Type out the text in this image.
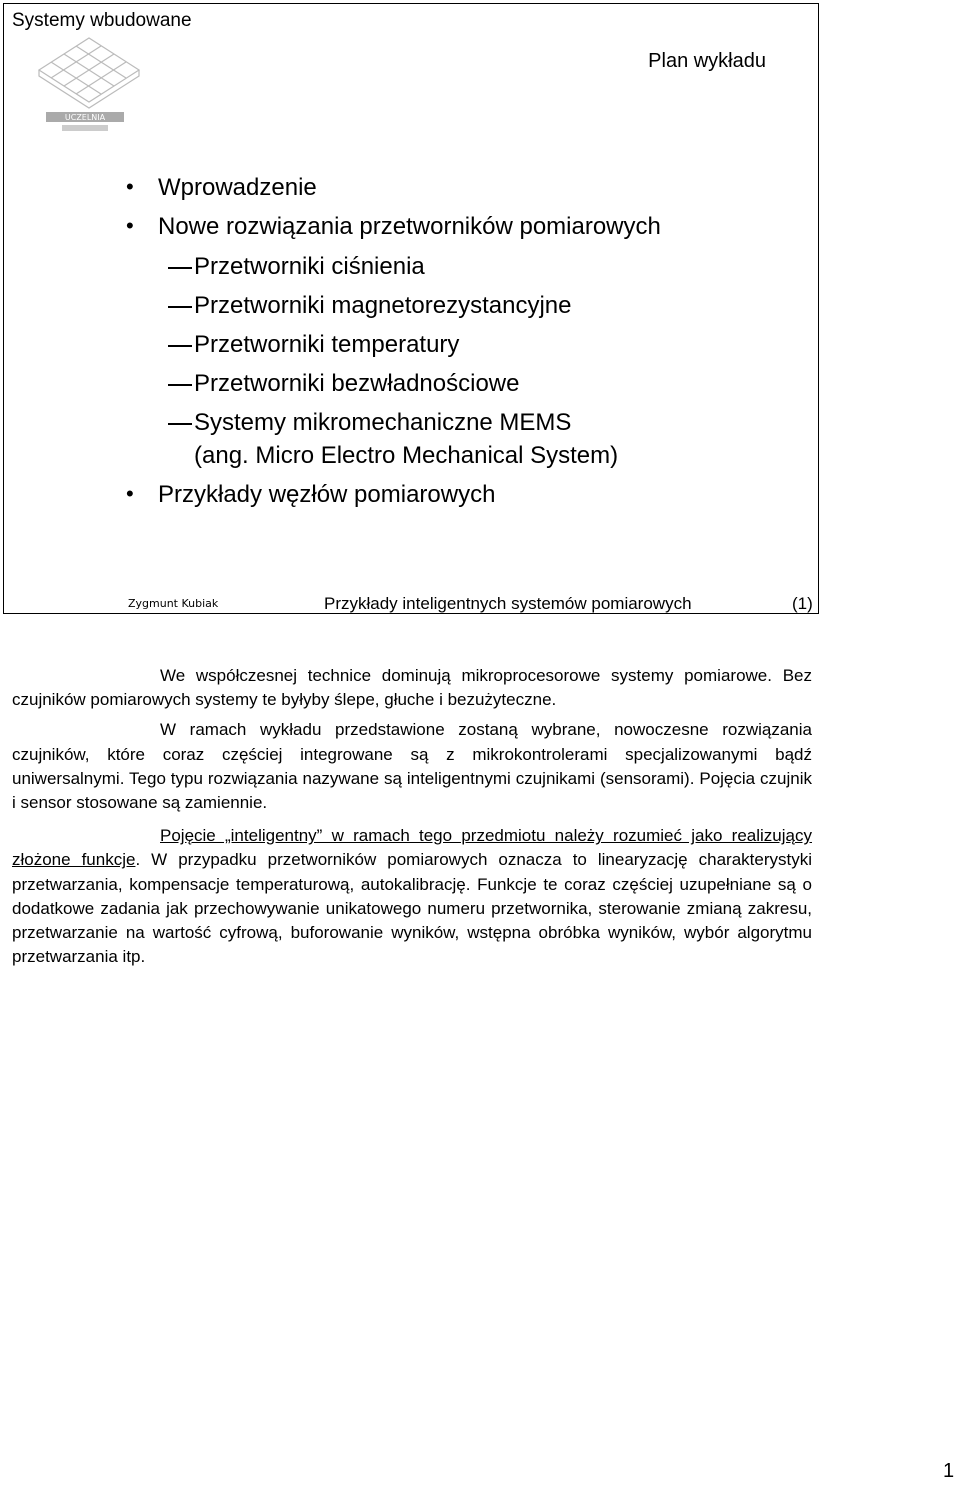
Systemy wbudowane
UCZELNIA
Plan wykładu
• Wprowadzenie
• Nowe rozwiązania przetworników pomiarowych
Przetworniki ciśnienia
Przetworniki magnetorezystancyjne
Przetworniki temperatury
Przetworniki bezwładnościowe
Systemy mikromechaniczne MEMS
(ang. Micro Electro Mechanical System)
• Przykłady węzłów pomiarowych
Zygmunt Kubiak	Przykłady inteligentnych systemów pomiarowych	(1)

We współczesnej technice dominują mikroprocesorowe systemy pomiarowe. Bez czujników pomiarowych systemy te byłyby ślepe, głuche i bezużyteczne.

W ramach wykładu przedstawione zostaną wybrane, nowoczesne rozwiązania czujników, które coraz częściej integrowane są z mikrokontrolerami specjalizowanymi bądź uniwersalnymi. Tego typu rozwiązania nazywane są inteligentnymi czujnikami (sensorami). Pojęcia czujnik i sensor stosowane są zamiennie.

Pojęcie „inteligentny” w ramach tego przedmiotu należy rozumieć jako realizujący złożone funkcje. W przypadku przetworników pomiarowych oznacza to linearyzację charakterystyki przetwarzania, kompensacje temperaturową, autokalibrację. Funkcje te coraz częściej uzupełniane są o dodatkowe zadania jak przechowywanie unikatowego numeru przetwornika, sterowanie zmianą zakresu, przetwarzanie na wartość cyfrową, buforowanie wyników, wstępna obróbka wyników, wybór algorytmu przetwarzania itp.

1
